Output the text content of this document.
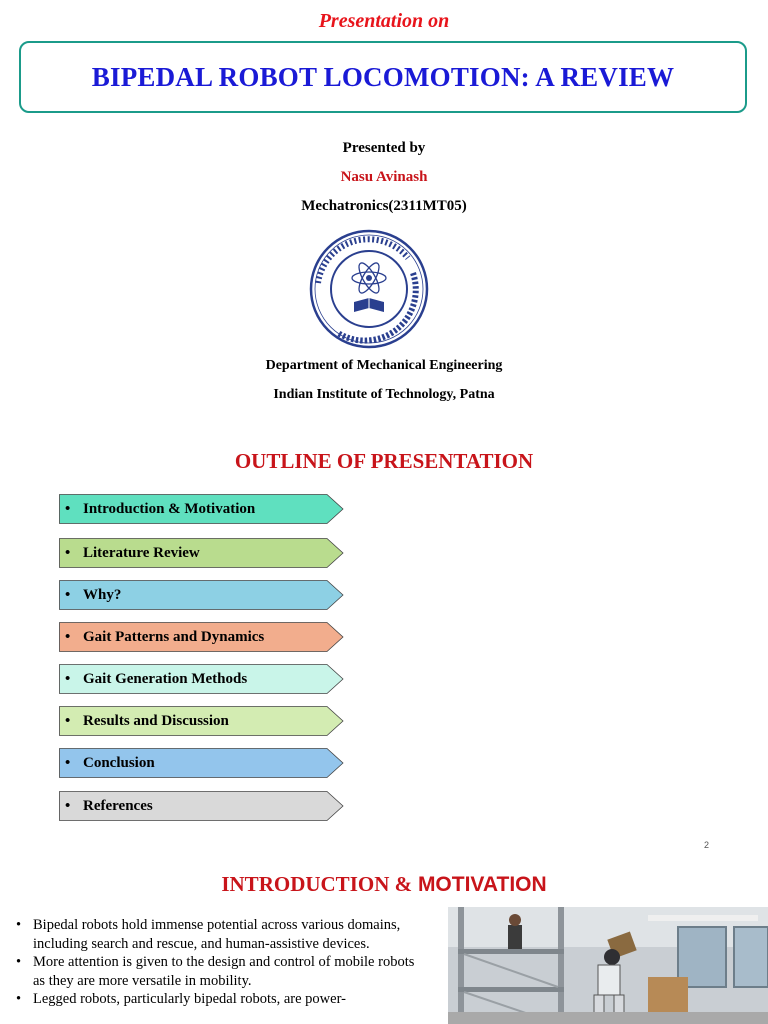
Presentation on
BIPEDAL ROBOT LOCOMOTION: A REVIEW
Presented by
Nasu Avinash
Mechatronics(2311MT05)
Department of Mechanical Engineering
Indian Institute of Technology, Patna
OUTLINE OF PRESENTATION
• Introduction & Motivation
• Literature Review
• Why?
• Gait Patterns and Dynamics
• Gait Generation Methods
• Results and Discussion
• Conclusion
• References
2
INTRODUCTION & MOTIVATION

• Bipedal robots hold immense potential across various domains, including search and rescue, and human-assistive devices.

• More attention is given to the design and control of mobile robots as they are more versatile in mobility.

• Legged robots, particularly bipedal robots, are power-
